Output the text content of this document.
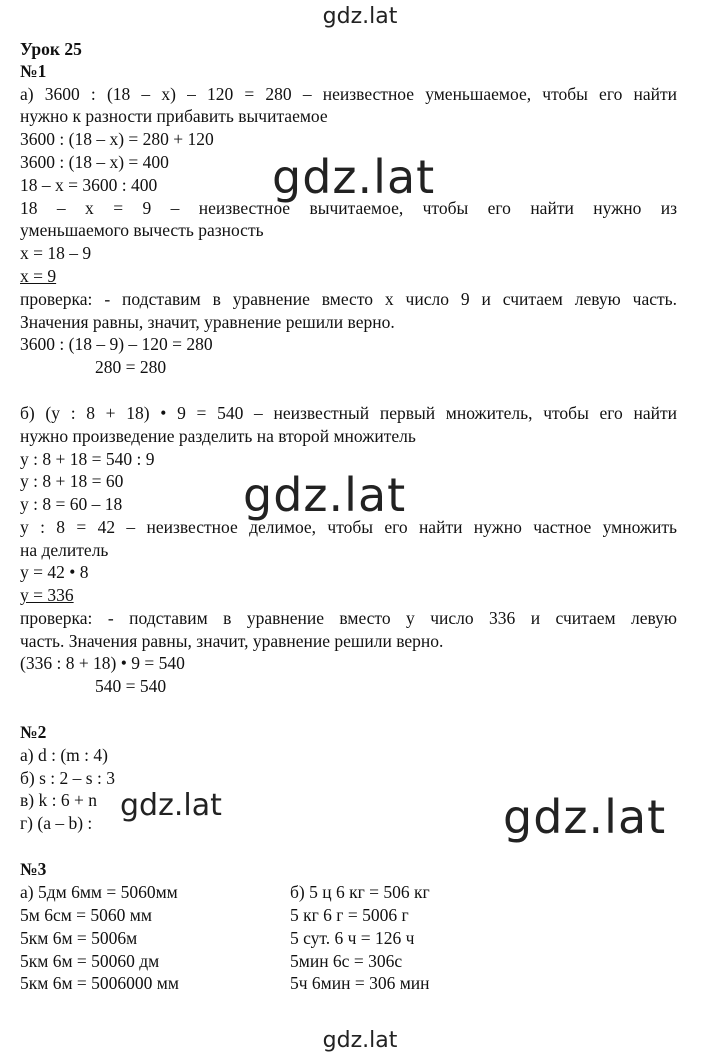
gdz.lat
gdz.lat
gdz.lat
gdz.lat
Урок 25
№1
а) 3600 : (18 – x) – 120 = 280 – неизвестное уменьшаемое, чтобы его найти
нужно к разности прибавить вычитаемое
3600 : (18 – x) = 280 + 120
3600 : (18 – x) = 400
18 – x = 3600 : 400
18 – x = 9 – неизвестное вычитаемое, чтобы его найти нужно из
уменьшаемого вычесть разность
x = 18 – 9
x = 9
проверка: - подставим в уравнение вместо x число 9 и считаем левую часть.
Значения равны, значит, уравнение решили верно.
3600 : (18 – 9) – 120 = 280
280 = 280
б) (y : 8 + 18) • 9 = 540 – неизвестный первый множитель, чтобы его найти
нужно произведение разделить на второй множитель
y : 8 + 18 = 540 : 9
y : 8 + 18 = 60
y : 8 = 60 – 18
y : 8 = 42 – неизвестное делимое, чтобы его найти нужно частное умножить
на делитель
y = 42 • 8
y = 336
проверка: - подставим в уравнение вместо y число 336 и считаем левую
часть. Значения равны, значит, уравнение решили верно.
(336 : 8 + 18) • 9 = 540
540 = 540
№2
а) d : (m : 4)
б) s : 2 – s : 3
в) k : 6 + n
г) (a – b) : gdz.lat
№3
а) 5дм 6мм = 5060мм
5м 6см = 5060 мм
5км 6м = 5006м
5км 6м = 50060 дм
5км 6м = 5006000 мм
б) 5 ц 6 кг = 506 кг
5 кг 6 г = 5006 г
5 сут. 6 ч = 126 ч
5мин 6с = 306с
5ч 6мин = 306 мин
gdz.lat
